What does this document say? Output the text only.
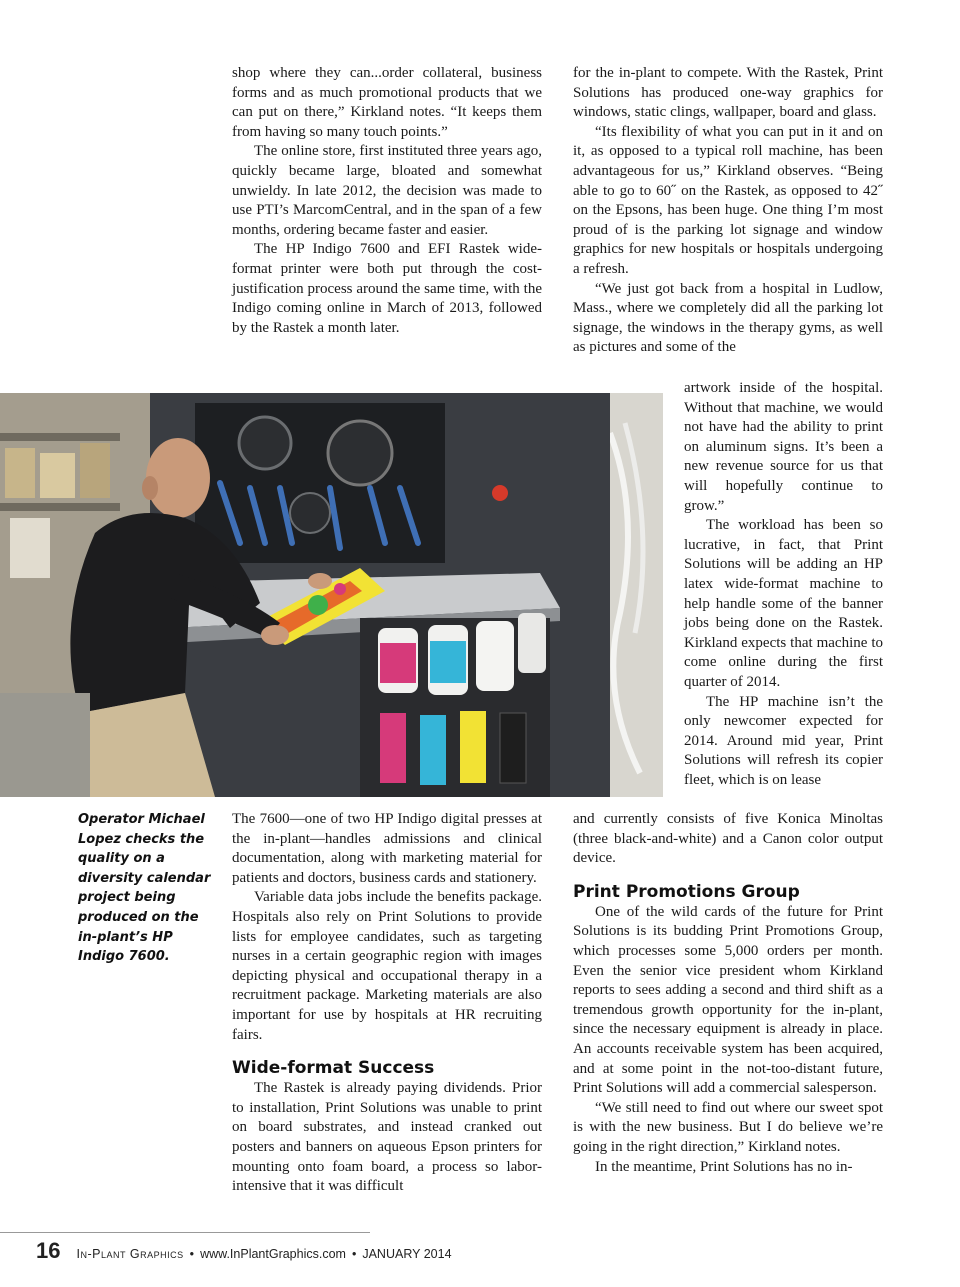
shop where they can...order collateral, business forms and as much promotional products that we can put on there,” Kirkland notes. “It keeps them from having so many touch points.”

The online store, first instituted three years ago, quickly became large, bloated and somewhat unwieldy. In late 2012, the decision was made to use PTI’s MarcomCentral, and in the span of a few months, ordering became faster and easier.

The HP Indigo 7600 and EFI Rastek wide-format printer were both put through the cost-justification process around the same time, with the Indigo coming online in March of 2013, followed by the Rastek a month later.

for the in-plant to compete. With the Rastek, Print Solutions has produced one-way graphics for windows, static clings, wallpaper, board and glass.

“Its flexibility of what you can put in it and on it, as opposed to a typical roll machine, has been advantageous for us,” Kirkland observes. “Being able to go to 60˝ on the Rastek, as opposed to 42˝ on the Epsons, has been huge. One thing I’m most proud of is the parking lot signage and window graphics for new hospitals or hospitals undergoing a refresh.

“We just got back from a hospital in Ludlow, Mass., where we completely did all the parking lot signage, the windows in the therapy gyms, as well as pictures and some of the

artwork inside of the hospital. Without that machine, we would not have had the ability to print on aluminum signs. It’s been a new revenue source for us that will hopefully continue to grow.”

The workload has been so lucrative, in fact, that Print Solutions will be adding an HP latex wide-format machine to help handle some of the banner jobs being done on the Rastek. Kirkland expects that machine to come online during the first quarter of 2014.

The HP machine isn’t the only newcomer expected for 2014. Around mid year, Print Solutions will refresh its copier fleet, which is on lease

Operator Michael Lopez checks the quality on a diversity calendar project being produced on the in-plant’s HP Indigo 7600.

The 7600—one of two HP Indigo digital presses at the in-plant—handles admissions and clinical documentation, along with marketing material for patients and doctors, business cards and stationery.

Variable data jobs include the benefits package. Hospitals also rely on Print Solutions to provide lists for employee candidates, such as targeting nurses in a certain geographic region with images depicting physical and occupational therapy in a recruitment package. Marketing materials are also important for use by hospitals at HR recruiting fairs.

Wide-format Success

The Rastek is already paying dividends. Prior to installation, Print Solutions was unable to print on board substrates, and instead cranked out posters and banners on aqueous Epson printers for mounting onto foam board, a process so labor-intensive that it was difficult

and currently consists of five Konica Minoltas (three black-and-white) and a Canon color output device.

Print Promotions Group

One of the wild cards of the future for Print Solutions is its budding Print Promotions Group, which processes some 5,000 orders per month. Even the senior vice president whom Kirkland reports to sees adding a second and third shift as a tremendous growth opportunity for the in-plant, since the necessary equipment is already in place. An accounts receivable system has been acquired, and at some point in the not-too-distant future, Print Solutions will add a commercial salesperson.

“We still need to find out where our sweet spot is with the new business. But I do believe we’re going in the right direction,” Kirkland notes.

In the meantime, Print Solutions has no in-

16 In-Plant Graphics • www.InPlantGraphics.com • JANUARY 2014
